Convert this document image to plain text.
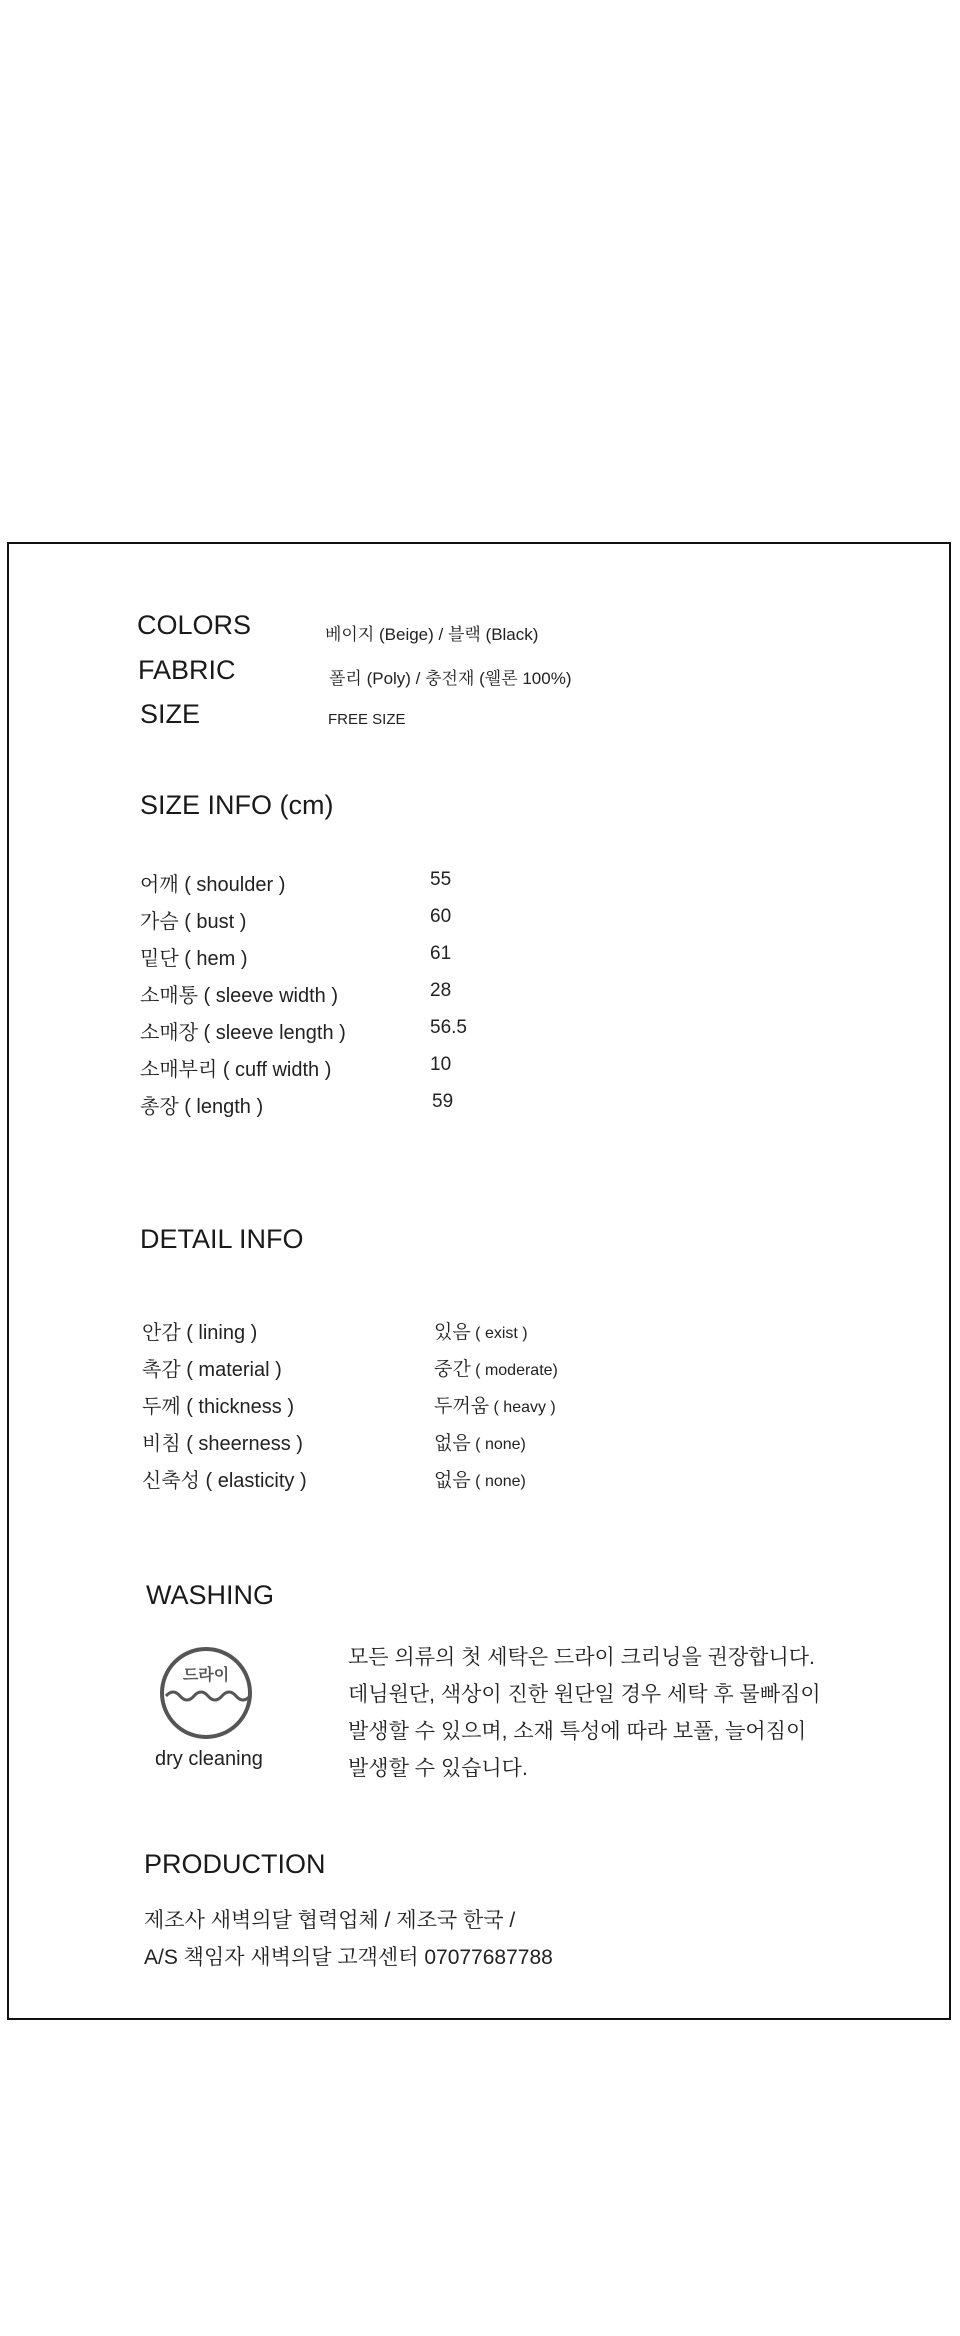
COLORS	베이지 (Beige) / 블랙 (Black)
FABRIC	폴리 (Poly) / 충전재 (웰론 100%)
SIZE	FREE SIZE
SIZE INFO (cm)
어깨 ( shoulder )	55
가슴 ( bust )	60
밑단 ( hem )	61
소매통 ( sleeve width )	28
소매장 ( sleeve length )	56.5
소매부리 ( cuff width )	10
총장 ( length )	59
DETAIL INFO
안감 ( lining )	있음 ( exist )
촉감 ( material )	중간 ( moderate)
두께 ( thickness )	두꺼움 ( heavy )
비침 ( sheerness )	없음 ( none)
신축성 ( elasticity )	없음 ( none)
WASHING
드라이
dry cleaning
모든 의류의 첫 세탁은 드라이 크리닝을 권장합니다.
데님원단, 색상이 진한 원단일 경우 세탁 후 물빠짐이
발생할 수 있으며, 소재 특성에 따라 보풀, 늘어짐이
발생할 수 있습니다.
PRODUCTION
제조사 새벽의달 협력업체 / 제조국 한국 /
A/S 책임자 새벽의달 고객센터 07077687788
